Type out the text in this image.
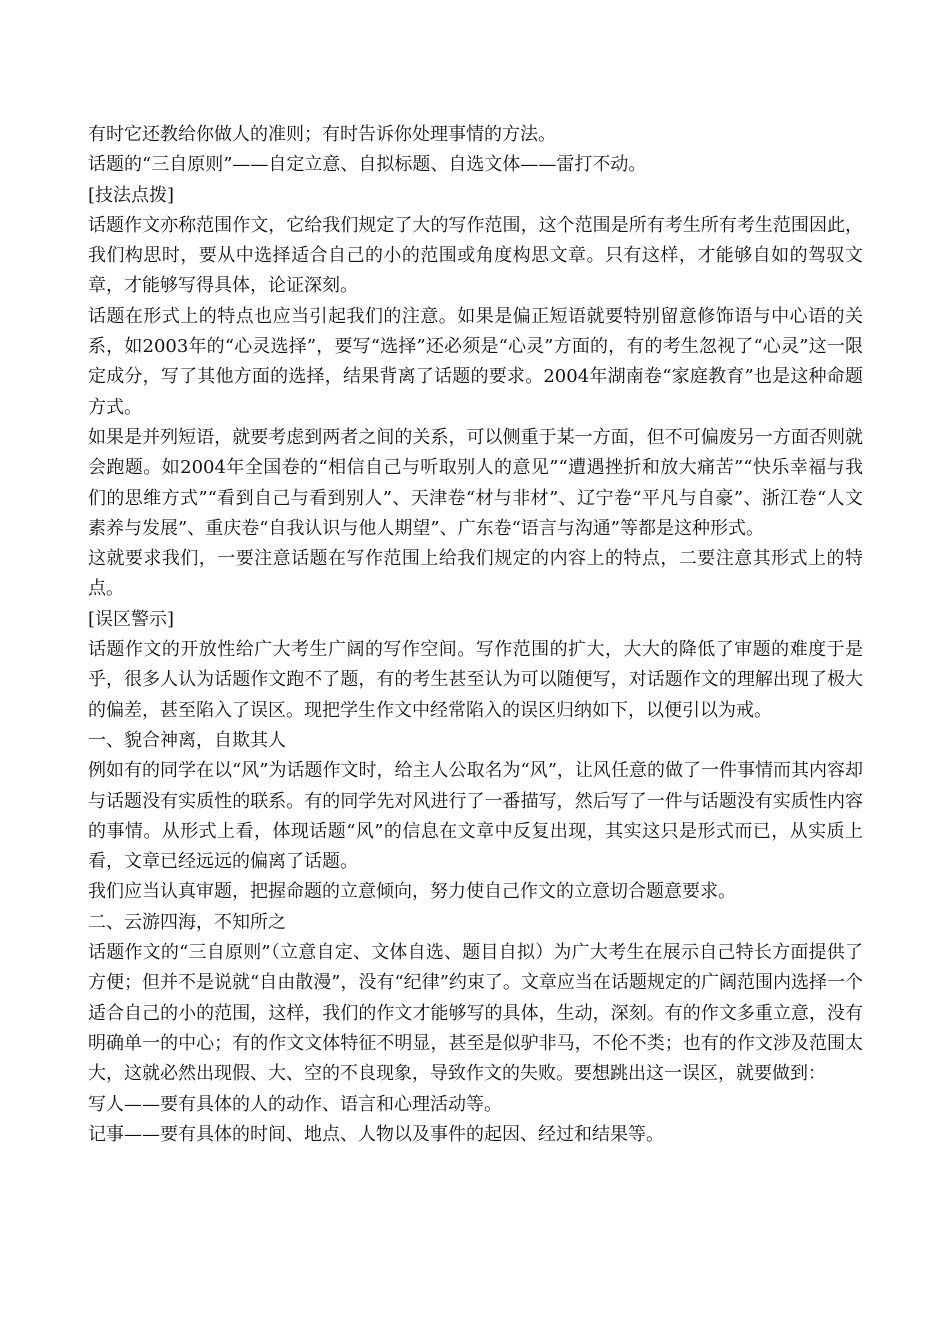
有时它还教给你做人的准则；有时告诉你处理事情的方法。

话题的“三自原则”——自定立意、自拟标题、自选文体——雷打不动。

[技法点拨]

话题作文亦称范围作文，它给我们规定了大的写作范围，这个范围是所有考生所有考生范围因此，我们构思时，要从中选择适合自己的小的范围或角度构思文章。只有这样，才能够自如的驾驭文章，才能够写得具体，论证深刻。

话题在形式上的特点也应当引起我们的注意。如果是偏正短语就要特别留意修饰语与中心语的关系，如2003年的“心灵选择”，要写“选择”还必须是“心灵”方面的，有的考生忽视了“心灵”这一限定成分，写了其他方面的选择，结果背离了话题的要求。2004年湖南卷“家庭教育”也是这种命题方式。

如果是并列短语，就要考虑到两者之间的关系，可以侧重于某一方面，但不可偏废另一方面否则就会跑题。如2004年全国卷的“相信自己与听取别人的意见”“遭遇挫折和放大痛苦”“快乐幸福与我们的思维方式”“看到自己与看到别人”、天津卷“材与非材”、辽宁卷“平凡与自豪”、浙江卷“人文素养与发展”、重庆卷“自我认识与他人期望”、广东卷“语言与沟通”等都是这种形式。

这就要求我们，一要注意话题在写作范围上给我们规定的内容上的特点，二要注意其形式上的特点。

[误区警示]

话题作文的开放性给广大考生广阔的写作空间。写作范围的扩大，大大的降低了审题的难度于是乎，很多人认为话题作文跑不了题，有的考生甚至认为可以随便写，对话题作文的理解出现了极大的偏差，甚至陷入了误区。现把学生作文中经常陷入的误区归纳如下，以便引以为戒。

一、貌合神离，自欺其人

例如有的同学在以“风”为话题作文时，给主人公取名为“风”，让风任意的做了一件事情而其内容却与话题没有实质性的联系。有的同学先对风进行了一番描写，然后写了一件与话题没有实质性内容的事情。从形式上看，体现话题“风”的信息在文章中反复出现，其实这只是形式而已，从实质上看，文章已经远远的偏离了话题。

我们应当认真审题，把握命题的立意倾向，努力使自己作文的立意切合题意要求。

二、云游四海，不知所之

话题作文的“三自原则”（立意自定、文体自选、题目自拟）为广大考生在展示自己特长方面提供了方便；但并不是说就“自由散漫”，没有“纪律”约束了。文章应当在话题规定的广阔范围内选择一个适合自己的小的范围，这样，我们的作文才能够写的具体，生动，深刻。有的作文多重立意，没有明确单一的中心；有的作文文体特征不明显，甚至是似驴非马，不伦不类；也有的作文涉及范围太大，这就必然出现假、大、空的不良现象，导致作文的失败。要想跳出这一误区，就要做到：

写人——要有具体的人的动作、语言和心理活动等。

记事——要有具体的时间、地点、人物以及事件的起因、经过和结果等。
